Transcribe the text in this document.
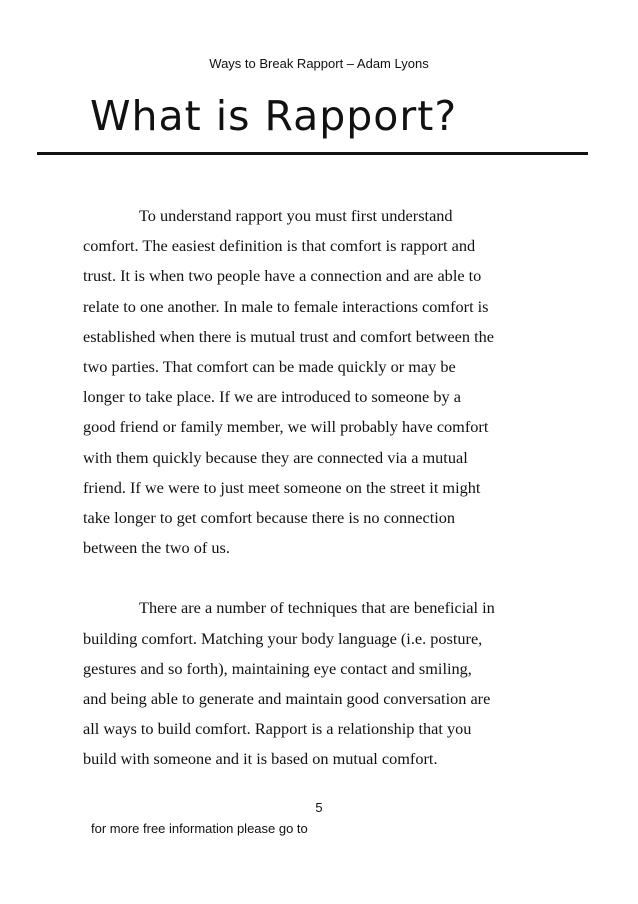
Ways to Break Rapport – Adam Lyons
What is Rapport?
To understand rapport you must first understand
comfort. The easiest definition is that comfort is rapport and
trust. It is when two people have a connection and are able to
relate to one another. In male to female interactions comfort is
established when there is mutual trust and comfort between the
two parties. That comfort can be made quickly or may be
longer to take place. If we are introduced to someone by a
good friend or family member, we will probably have comfort
with them quickly because they are connected via a mutual
friend. If we were to just meet someone on the street it might
take longer to get comfort because there is no connection
between the two of us.
There are a number of techniques that are beneficial in
building comfort. Matching your body language (i.e. posture,
gestures and so forth), maintaining eye contact and smiling,
and being able to generate and maintain good conversation are
all ways to build comfort. Rapport is a relationship that you
build with someone and it is based on mutual comfort.
5
for more free information please go to
